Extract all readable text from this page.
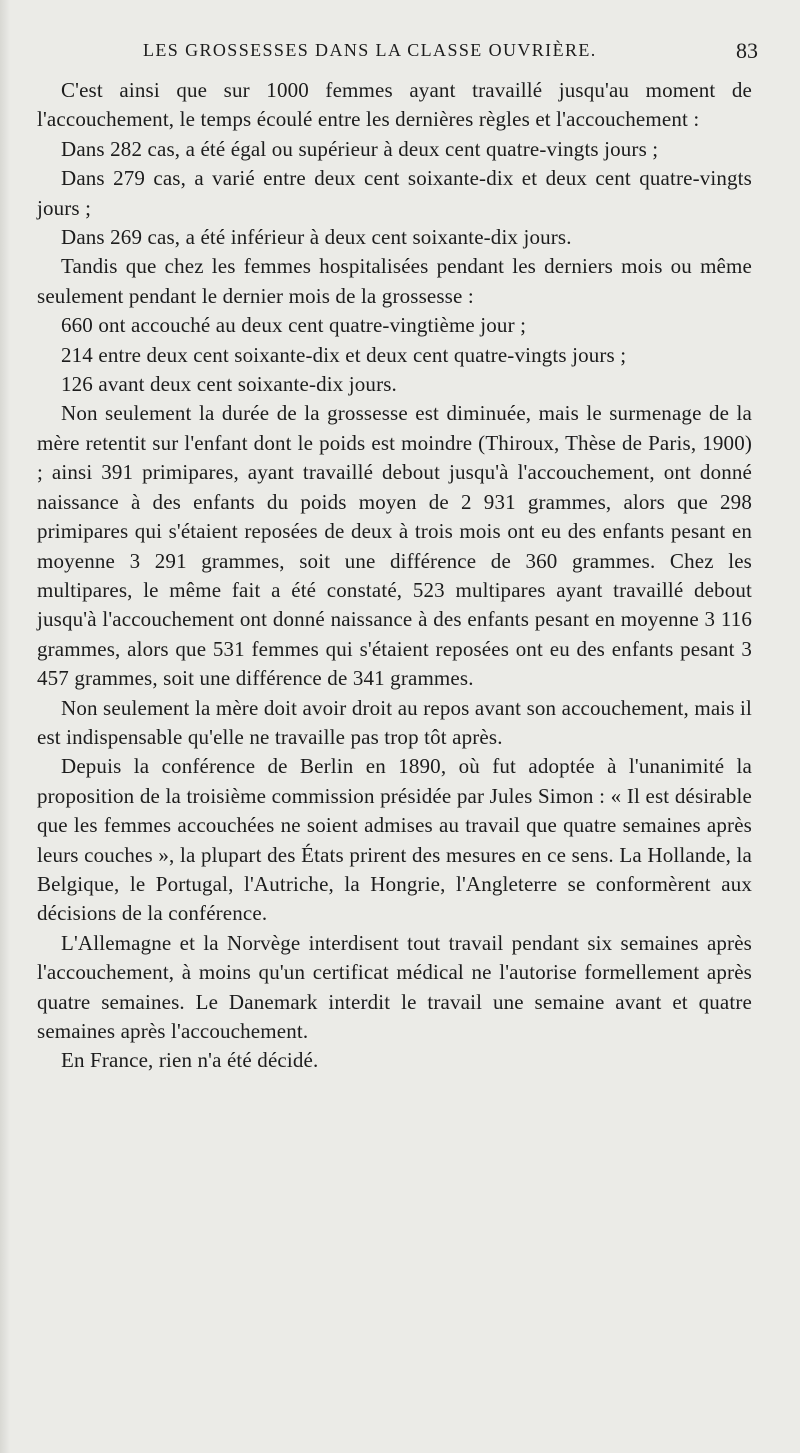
LES GROSSESSES DANS LA CLASSE OUVRIÈRE.	83

C'est ainsi que sur 1000 femmes ayant travaillé jusqu'au moment de l'accouchement, le temps écoulé entre les dernières règles et l'accouchement :

Dans 282 cas, a été égal ou supérieur à deux cent quatre-vingts jours ;

Dans 279 cas, a varié entre deux cent soixante-dix et deux cent quatre-vingts jours ;

Dans 269 cas, a été inférieur à deux cent soixante-dix jours.

Tandis que chez les femmes hospitalisées pendant les derniers mois ou même seulement pendant le dernier mois de la grossesse :

660 ont accouché au deux cent quatre-vingtième jour ;

214 entre deux cent soixante-dix et deux cent quatre-vingts jours ;

126 avant deux cent soixante-dix jours.

Non seulement la durée de la grossesse est diminuée, mais le surmenage de la mère retentit sur l'enfant dont le poids est moindre (Thiroux, Thèse de Paris, 1900) ; ainsi 391 primipares, ayant travaillé debout jusqu'à l'accouchement, ont donné naissance à des enfants du poids moyen de 2 931 grammes, alors que 298 primipares qui s'étaient reposées de deux à trois mois ont eu des enfants pesant en moyenne 3 291 grammes, soit une différence de 360 grammes. Chez les multipares, le même fait a été constaté, 523 multipares ayant travaillé debout jusqu'à l'accouchement ont donné naissance à des enfants pesant en moyenne 3 116 grammes, alors que 531 femmes qui s'étaient reposées ont eu des enfants pesant 3 457 grammes, soit une différence de 341 grammes.

Non seulement la mère doit avoir droit au repos avant son accouchement, mais il est indispensable qu'elle ne travaille pas trop tôt après.

Depuis la conférence de Berlin en 1890, où fut adoptée à l'unanimité la proposition de la troisième commission présidée par Jules Simon : « Il est désirable que les femmes accouchées ne soient admises au travail que quatre semaines après leurs couches », la plupart des États prirent des mesures en ce sens. La Hollande, la Belgique, le Portugal, l'Autriche, la Hongrie, l'Angleterre se conformèrent aux décisions de la conférence.

L'Allemagne et la Norvège interdisent tout travail pendant six semaines après l'accouchement, à moins qu'un certificat médical ne l'autorise formellement après quatre semaines. Le Danemark interdit le travail une semaine avant et quatre semaines après l'accouchement.

En France, rien n'a été décidé.
